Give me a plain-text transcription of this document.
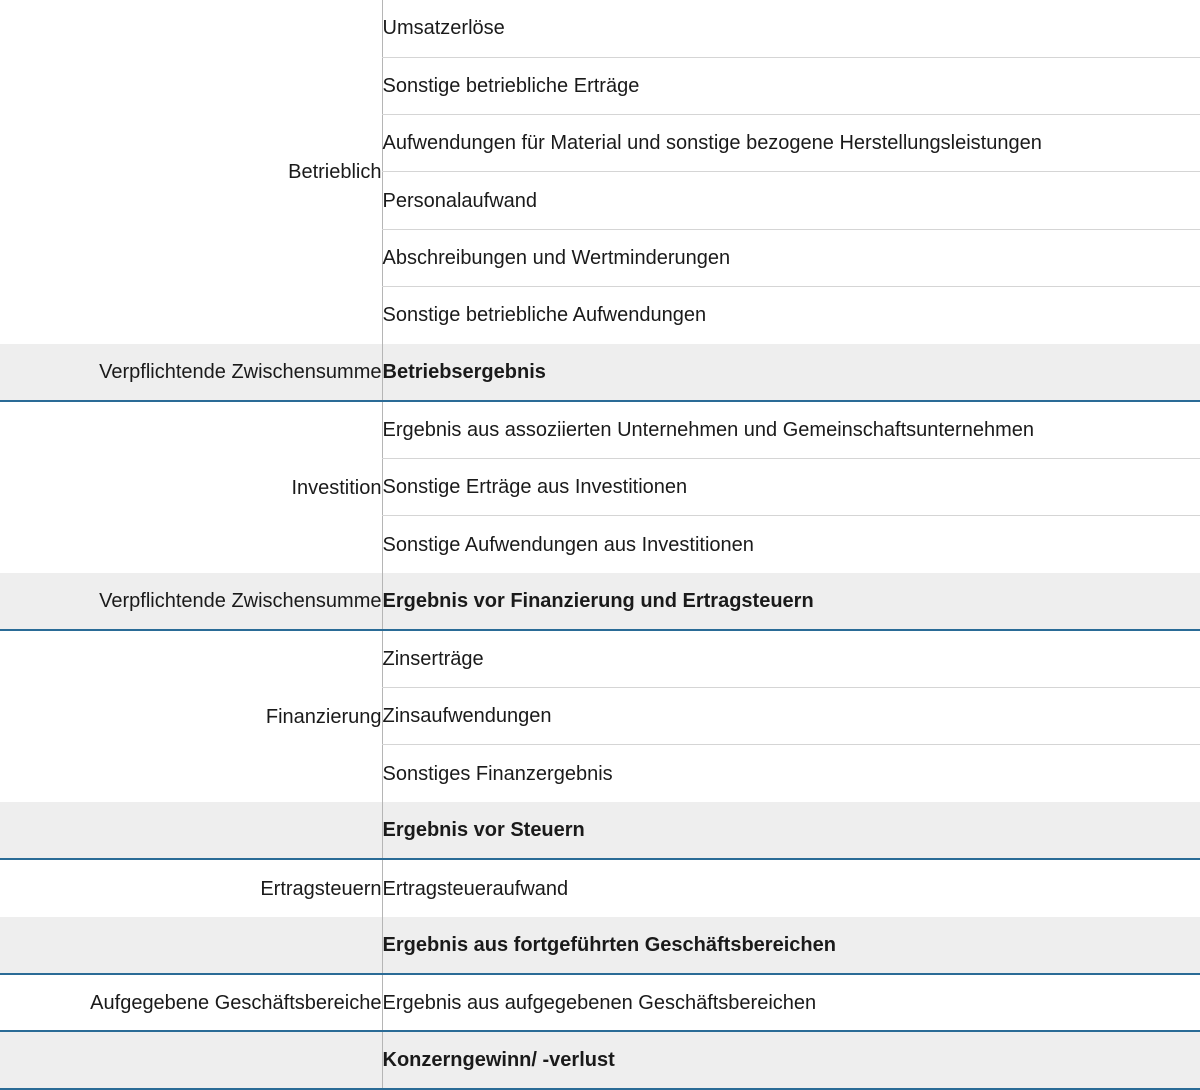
Betrieblich	Umsatzerlöse
	Sonstige betriebliche Erträge
	Aufwendungen für Material und sonstige bezogene Herstellungsleistungen
	Personalaufwand
	Abschreibungen und Wertminderungen
	Sonstige betriebliche Aufwendungen
Verpflichtende Zwischensumme	Betriebsergebnis
Investition	Ergebnis aus assoziierten Unternehmen und Gemeinschaftsunternehmen
	Sonstige Erträge aus Investitionen
	Sonstige Aufwendungen aus Investitionen
Verpflichtende Zwischensumme	Ergebnis vor Finanzierung und Ertragsteuern
Finanzierung	Zinserträge
	Zinsaufwendungen
	Sonstiges Finanzergebnis
	Ergebnis vor Steuern
Ertragsteuern	Ertragsteueraufwand
	Ergebnis aus fortgeführten Geschäftsbereichen
Aufgegebene Geschäftsbereiche	Ergebnis aus aufgegebenen Geschäftsbereichen
	Konzerngewinn/ -verlust
